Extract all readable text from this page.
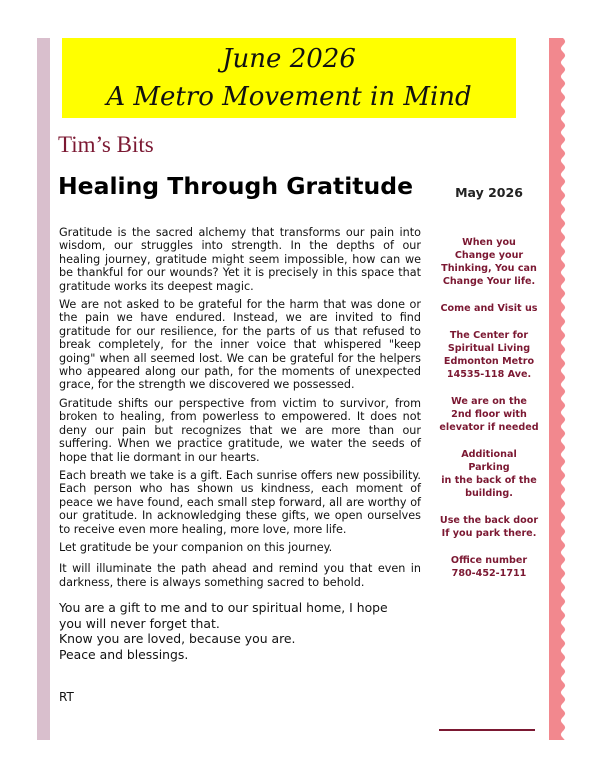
June 2026
A Metro Movement in Mind
Tim’s Bits
Healing Through Gratitude

Gratitude is the sacred alchemy that transforms our pain into wisdom, our struggles into strength. In the depths of our healing journey, gratitude might seem impossible, how can we be thankful for our wounds? Yet it is precisely in this space that gratitude works its deepest magic.

We are not asked to be grateful for the harm that was done or the pain we have endured. Instead, we are invited to find gratitude for our resilience, for the parts of us that refused to break completely, for the inner voice that whispered "keep going" when all seemed lost. We can be grateful for the helpers who appeared along our path, for the moments of unexpected grace, for the strength we discovered we possessed.

Gratitude shifts our perspective from victim to survivor, from broken to healing, from powerless to empowered. It does not deny our pain but recognizes that we are more than our suffering. When we practice gratitude, we water the seeds of hope that lie dormant in our hearts.

Each breath we take is a gift. Each sunrise offers new possibility. Each person who has shown us kindness, each moment of peace we have found, each small step forward, all are worthy of our gratitude. In acknowledging these gifts, we open ourselves to receive even more healing, more love, more life.

Let gratitude be your companion on this journey.

It will illuminate the path ahead and remind you that even in darkness, there is always something sacred to behold.

You are a gift to me and to our spiritual home, I hope
you will never forget that.
Know you are loved, because you are.
Peace and blessings.
RT
May 2026
When you
Change your
Thinking, You can
Change Your life.
Come and Visit us
The Center for
Spiritual Living
Edmonton Metro
14535-118 Ave.
We are on the
2nd floor with
elevator if needed
Additional
Parking
in the back of the
building.
Use the back door
If you park there.
Office number
780-452-1711
